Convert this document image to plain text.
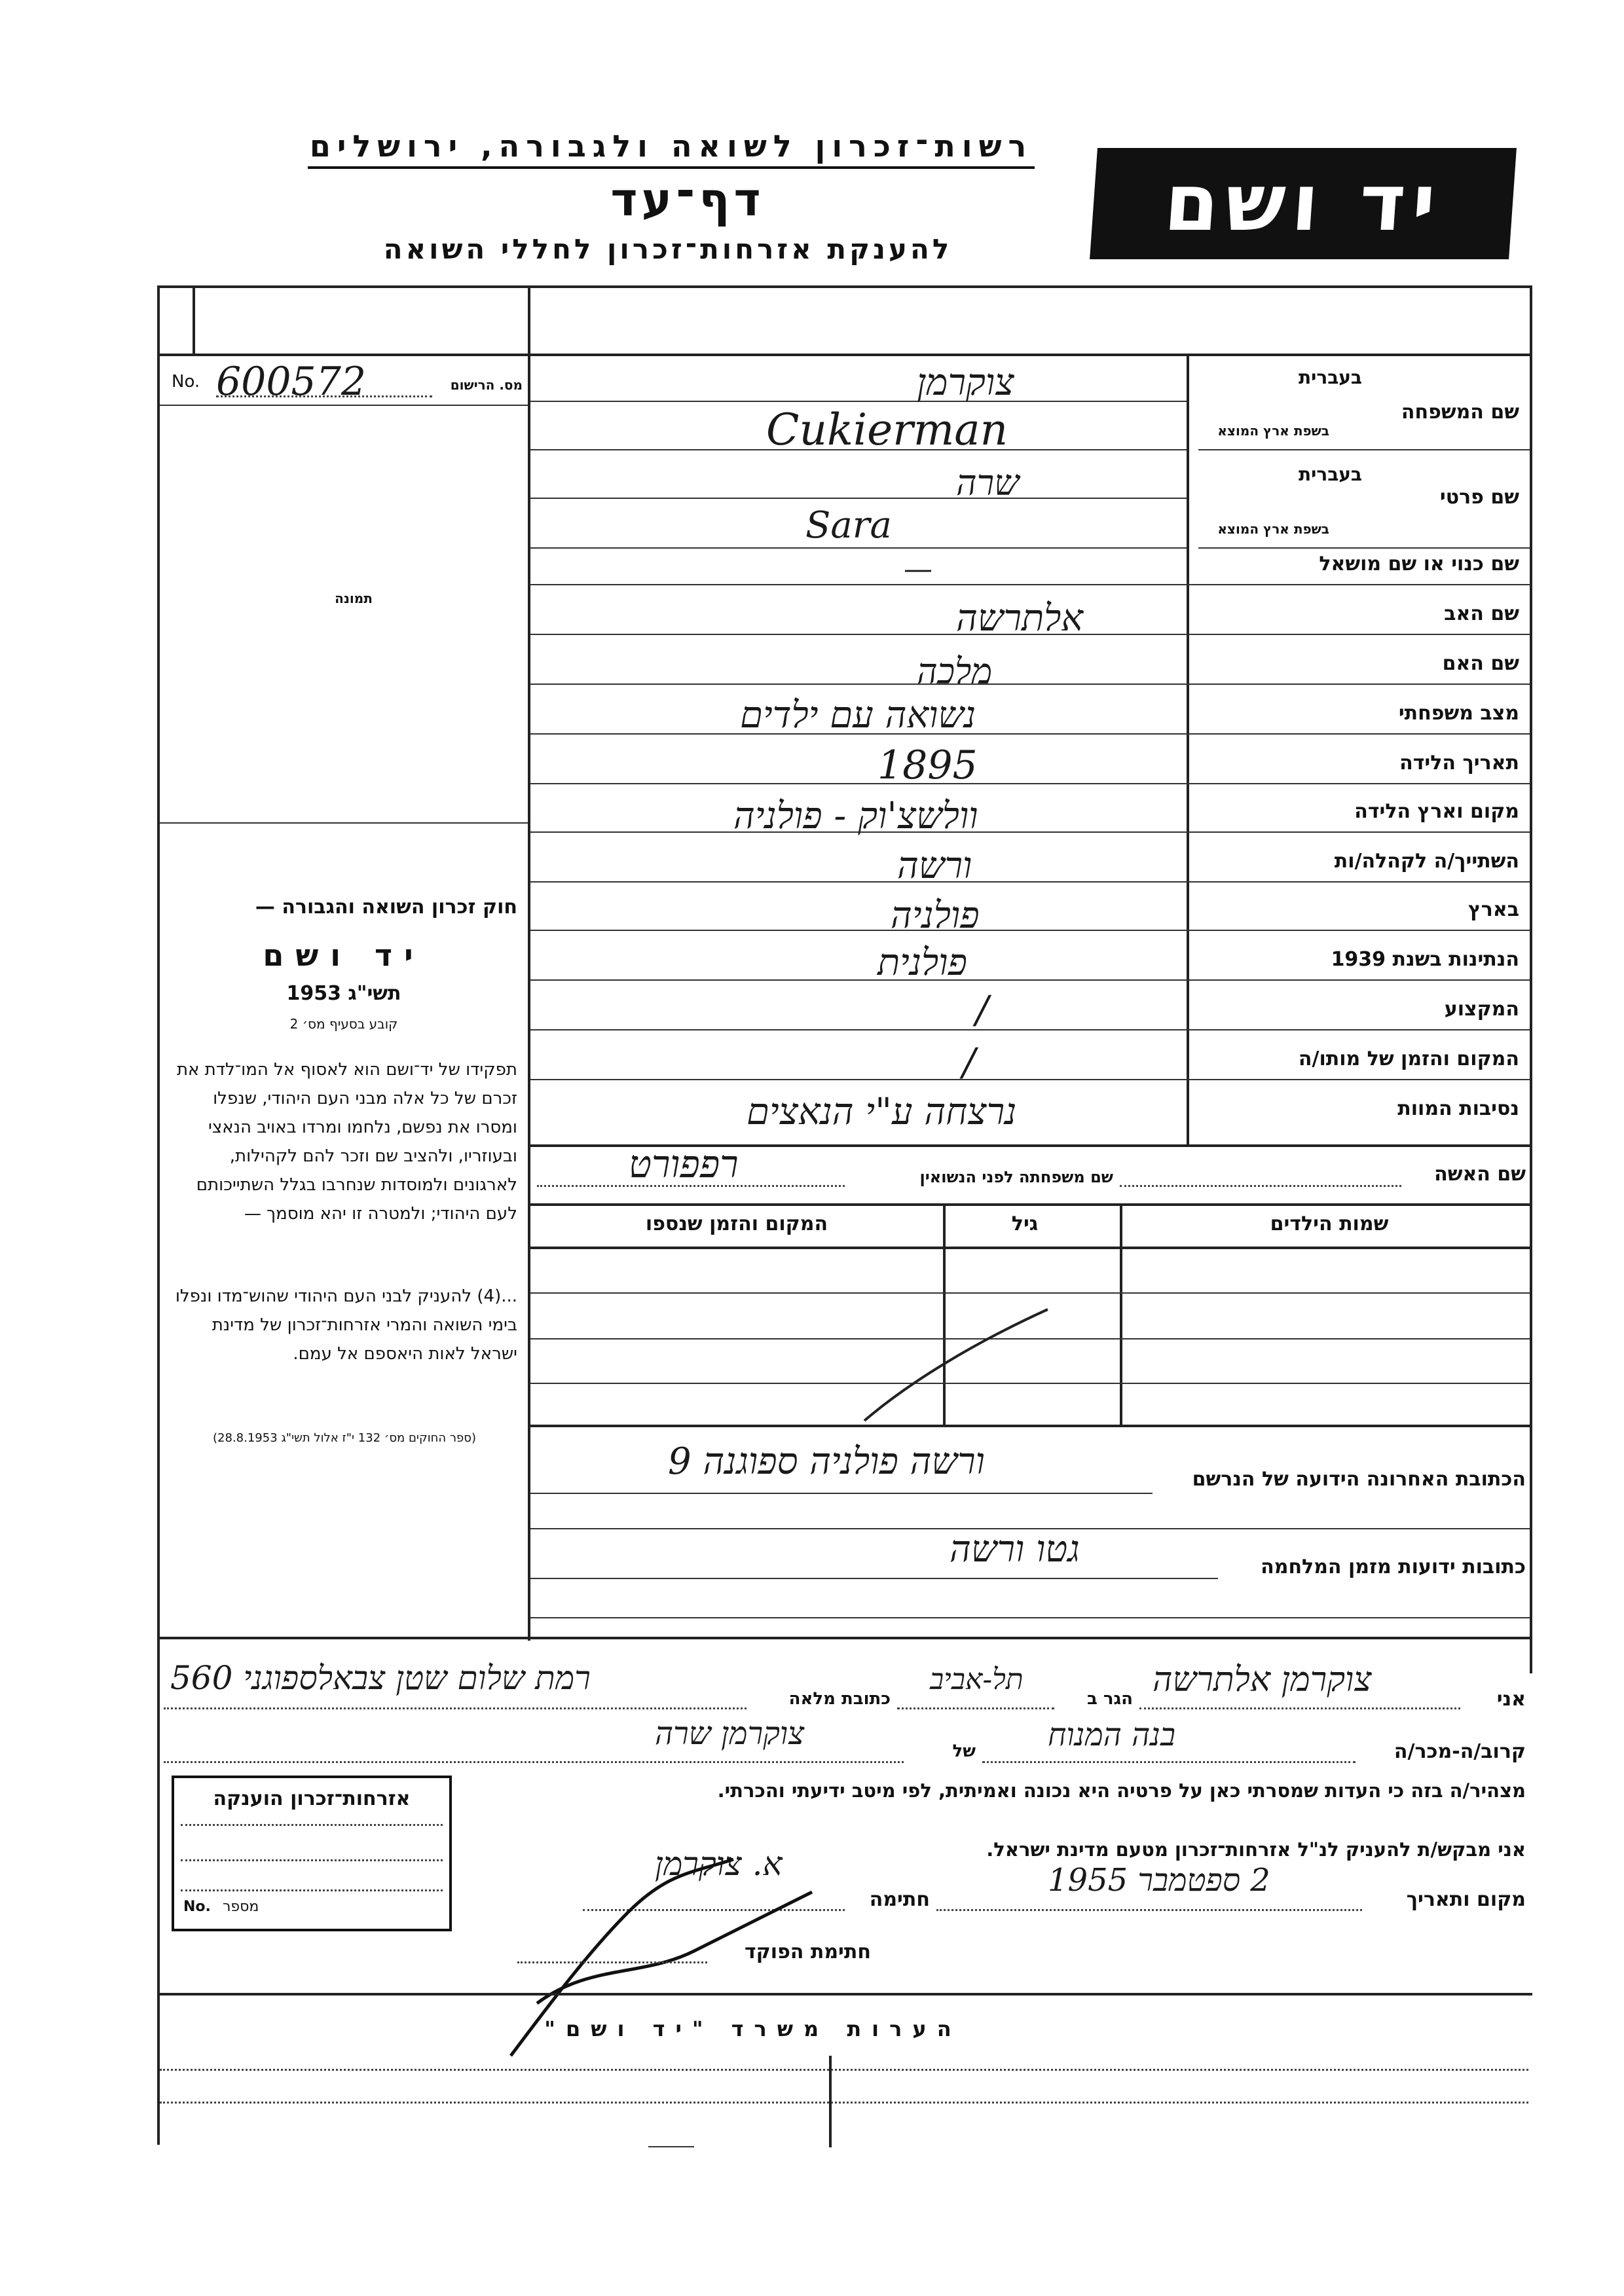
רשות־זכרון לשואה ולגבורה, ירושלים
דף־עד
להענקת אזרחות־זכרון לחללי השואה
יד ושם
No. 600572	מס. הרישום
תמונה
שם המשפחה
בעברית
בשפת ארץ המוצא
שם פרטי
בעברית
בשפת ארץ המוצא
שם כנוי או שם מושאל
שם האב
שם האם
מצב משפחתי
תאריך הלידה
מקום וארץ הלידה
השתייך/ה לקהלה/ות
בארץ
הנתינות בשנת 1939
המקצוע
המקום והזמן של מותו/ה
נסיבות המוות
צוקרמן
Cukierman
שרה
Sara
—
אלתרשה
מלכה
נשואה עם ילדים
1895
וולשצ'וק - פולניה
ורשה
פולניה
פולנית
/
/
נרצחה ע"י הנאצים
חוק זכרון השואה והגבורה —
יד ושם
תשי"ג 1953
קובע בסעיף מס׳ 2
תפקידו של יד־ושם הוא לאסוף אל המו־לדת את זכרם של כל אלה מבני העם היהודי, שנפלו ומסרו את נפשם, נלחמו ומרדו באויב הנאצי ובעוזריו, ולהציב שם וזכר להם לקהילות, לארגונים ולמוסדות שנחרבו בגלל השתייכותם לעם היהודי; ולמטרה זו יהא מוסמך —
...(4) להעניק לבני העם היהודי שהוש־מדו ונפלו בימי השואה והמרי אזרחות־זכרון של מדינת ישראל לאות היאספם אל עמם.
(ספר החוקים מס׳ 132 י"ז אלול תשי"ג 28.8.1953)
שם האשה
שם משפחתה לפני הנשואין
רפפורט
שמות הילדים
גיל
המקום והזמן שנספו
הכתובת האחרונה הידועה של הנרשם
ורשה פולניה ספוגנה 9
כתובות ידועות מזמן המלחמה
גטו ורשה
אני
צוקרמן אלתרשה
הגר ב
תל-אביב
כתובת מלאה
רמת שלום שטן צבאלספוגני 560
קרוב/ה-מכר/ה
בנה המנוח
של
צוקרמן שרה
מצהיר/ה בזה כי העדות שמסרתי כאן על פרטיה היא נכונה ואמיתית, לפי מיטב ידיעתי והכרתי.
אני מבקש/ת להעניק לנ"ל אזרחות־זכרון מטעם מדינת ישראל.
מקום ותאריך
2 ספטמבר 1955
חתימה
א. צוקרמן
חתימת הפוקד
אזרחות־זכרון הוענקה
No. מספר
הערות משרד "יד ושם"
